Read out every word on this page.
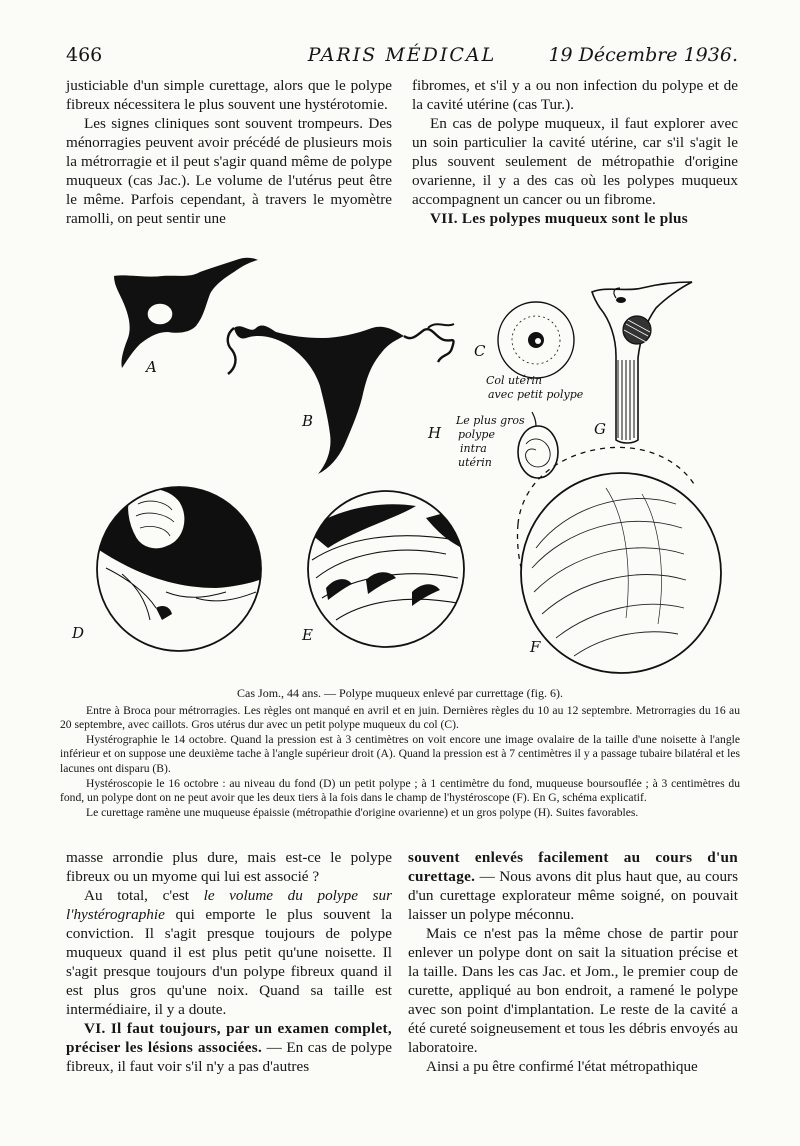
466	PARIS MÉDICAL	19 Décembre 1936.

justiciable d'un simple curettage, alors que le polype fibreux nécessitera le plus souvent une hystérotomie.

Les signes cliniques sont souvent trompeurs. Des ménorragies peuvent avoir précédé de plusieurs mois la métrorragie et il peut s'agir quand même de polype muqueux (cas Jac.). Le volume de l'utérus peut être le même. Parfois cependant, à travers le myomètre ramolli, on peut sentir une

fibromes, et s'il y a ou non infection du polype et de la cavité utérine (cas Tur.).

En cas de polype muqueux, il faut explorer avec un soin particulier la cavité utérine, car s'il s'agit le plus souvent seulement de métropathie d'origine ovarienne, il y a des cas où les polypes muqueux accompagnent un cancer ou un fibrome.

VII. Les polypes muqueux sont le plus

A
B
C
Col utérin
avec petit polype
H
Le plus gros
polype
intra
utérin
G
D	E
F
Cas Jom., 44 ans. — Polype muqueux enlevé par currettage (fig. 6).

Entre à Broca pour métrorragies. Les règles ont manqué en avril et en juin. Dernières règles du 10 au 12 septembre. Metrorragies du 16 au 20 septembre, avec caillots. Gros utérus dur avec un petit polype muqueux du col (C).

Hystérographie le 14 octobre. Quand la pression est à 3 centimètres on voit encore une image ovalaire de la taille d'une noisette à l'angle inférieur et on suppose une deuxième tache à l'angle supérieur droit (A). Quand la pression est à 7 centimètres il y a passage tubaire bilatéral et les lacunes ont disparu (B).

Hystéroscopie le 16 octobre : au niveau du fond (D) un petit polype ; à 1 centimètre du fond, muqueuse boursouflée ; à 3 centimètres du fond, un polype dont on ne peut avoir que les deux tiers à la fois dans le champ de l'hystéroscope (F). En G, schéma explicatif.

Le curettage ramène une muqueuse épaissie (métropathie d'origine ovarienne) et un gros polype (H). Suites favorables.

masse arrondie plus dure, mais est-ce le polype fibreux ou un myome qui lui est associé ?

Au total, c'est le volume du polype sur l'hystérographie qui emporte le plus souvent la conviction. Il s'agit presque toujours de polype muqueux quand il est plus petit qu'une noisette. Il s'agit presque toujours d'un polype fibreux quand il est plus gros qu'une noix. Quand sa taille est intermédiaire, il y a doute.

VI. Il faut toujours, par un examen complet, préciser les lésions associées. — En cas de polype fibreux, il faut voir s'il n'y a pas d'autres

souvent enlevés facilement au cours d'un curettage. — Nous avons dit plus haut que, au cours d'un curettage explorateur même soigné, on pouvait laisser un polype méconnu.

Mais ce n'est pas la même chose de partir pour enlever un polype dont on sait la situation précise et la taille. Dans les cas Jac. et Jom., le premier coup de curette, appliqué au bon endroit, a ramené le polype avec son point d'implantation. Le reste de la cavité a été cureté soigneusement et tous les débris envoyés au laboratoire.

Ainsi a pu être confirmé l'état métropathique
